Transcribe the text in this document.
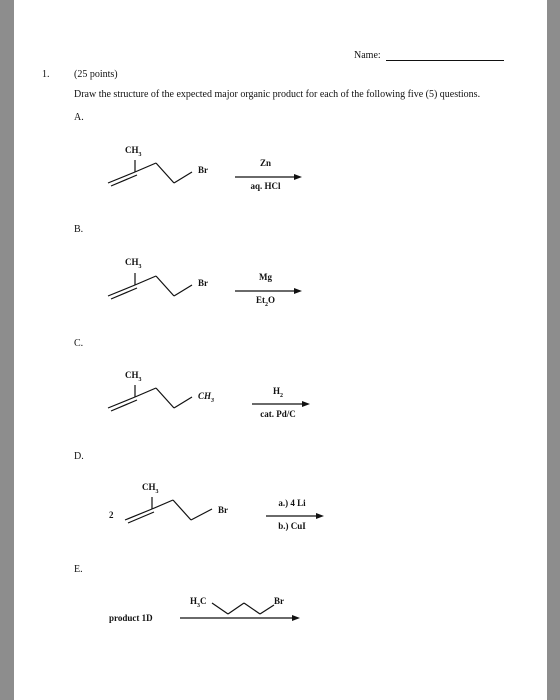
Name:
1. (25 points)
Draw the structure of the expected major organic product for each of the following five (5) questions.
A.
$CH_3$
Br
Zn
aq. HCl
B.
$CH_3$
Br
Mg
$Et_2O$
C.
$CH_3$
$CH_3$
$H_2$
cat. Pd/C
D.
2
$CH_3$
Br
a.) 4 Li
b.) CuI
E.
product 1D
$H_3C$	Br
